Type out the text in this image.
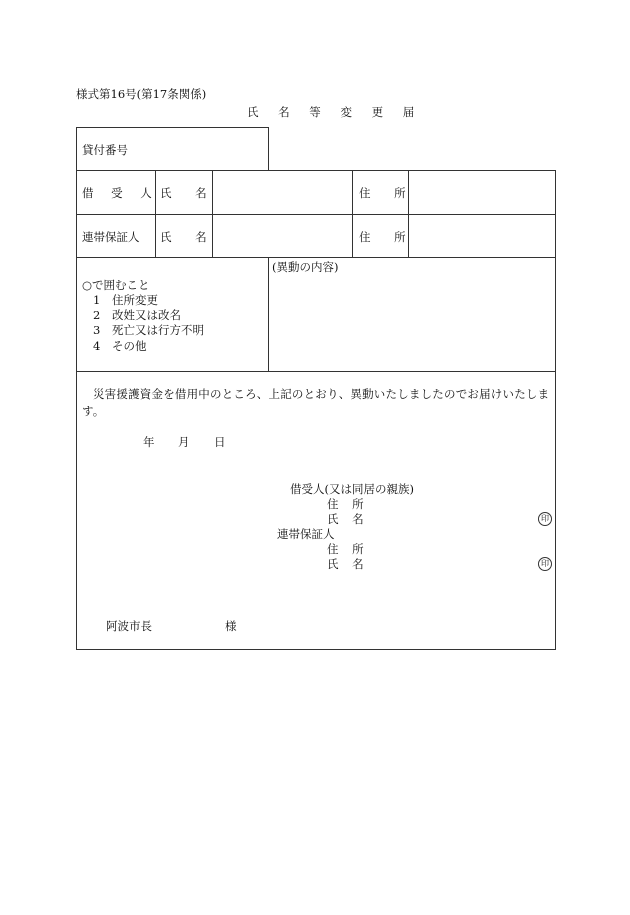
様式第16号(第17条関係)
氏 名 等 変 更 届
貸付番号
借 受 人 氏 名	住 所
連帯保証人 氏 名	住 所
○で囲むこと
1 住所変更
2 改姓又は改名
3 死亡又は行方不明
4 その他
(異動の内容)
災害援護資金を借用中のところ、上記のとおり、異動いたしましたのでお届けいたします。
年 月 日
借受人(又は同居の親族)
住 所
氏 名	印
連帯保証人
住 所
氏 名	印
阿波市長	様
